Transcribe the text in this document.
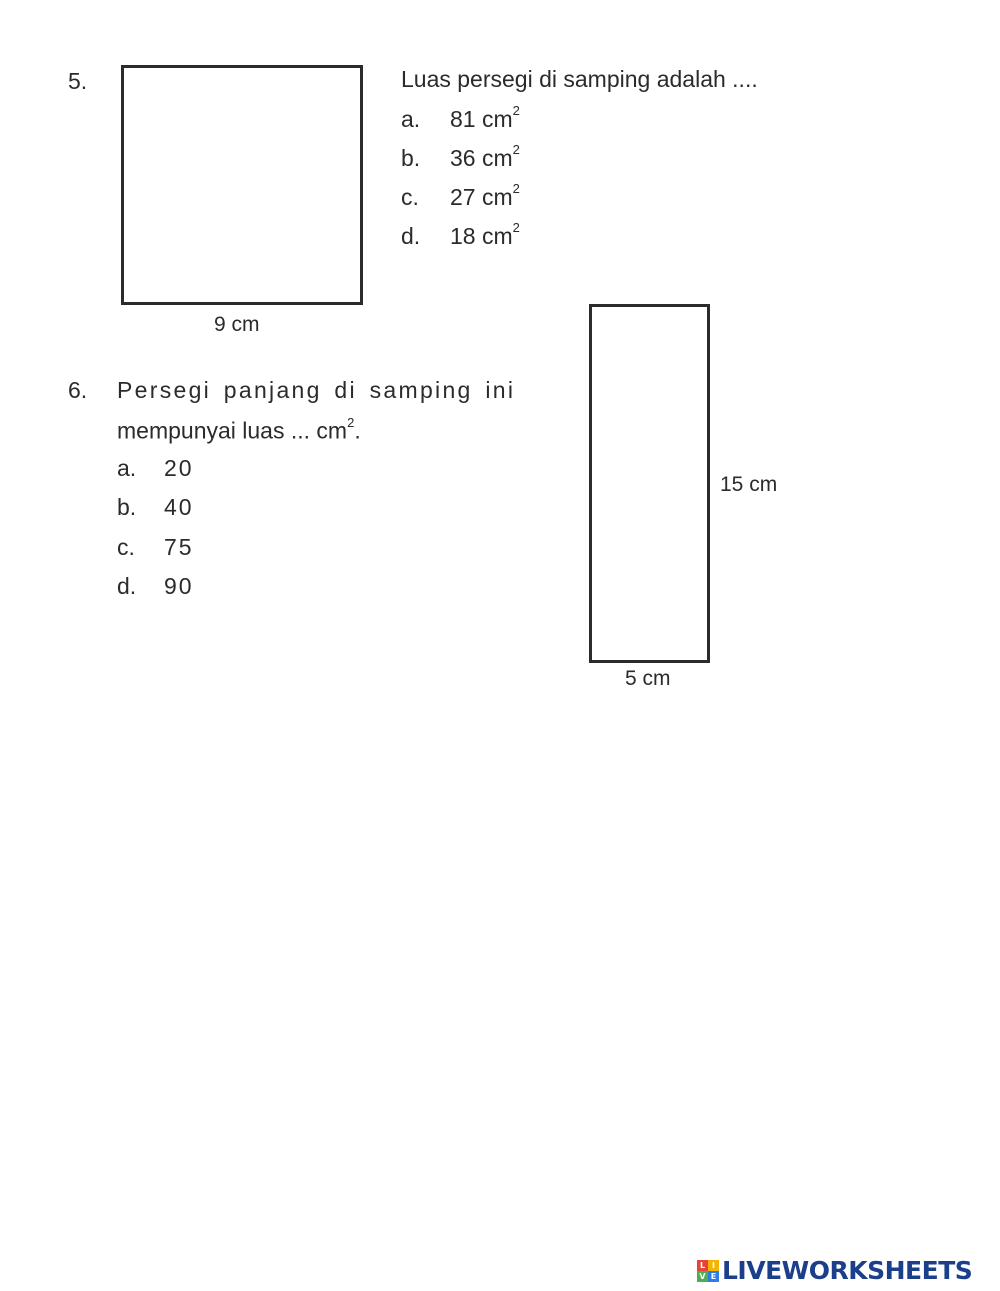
5.
9 cm
Luas persegi di samping adalah ....
a. 81 $cm^2$
b. 36 $cm^2$
c. 27 $cm^2$
d. 18 $cm^2$
6. Persegi panjang di samping ini
mempunyai luas ... $cm^2$.
a. 20
b. 40
c. 75
d. 90
15 cm
5 cm
L I
V E LIVEWORKSHEETS
